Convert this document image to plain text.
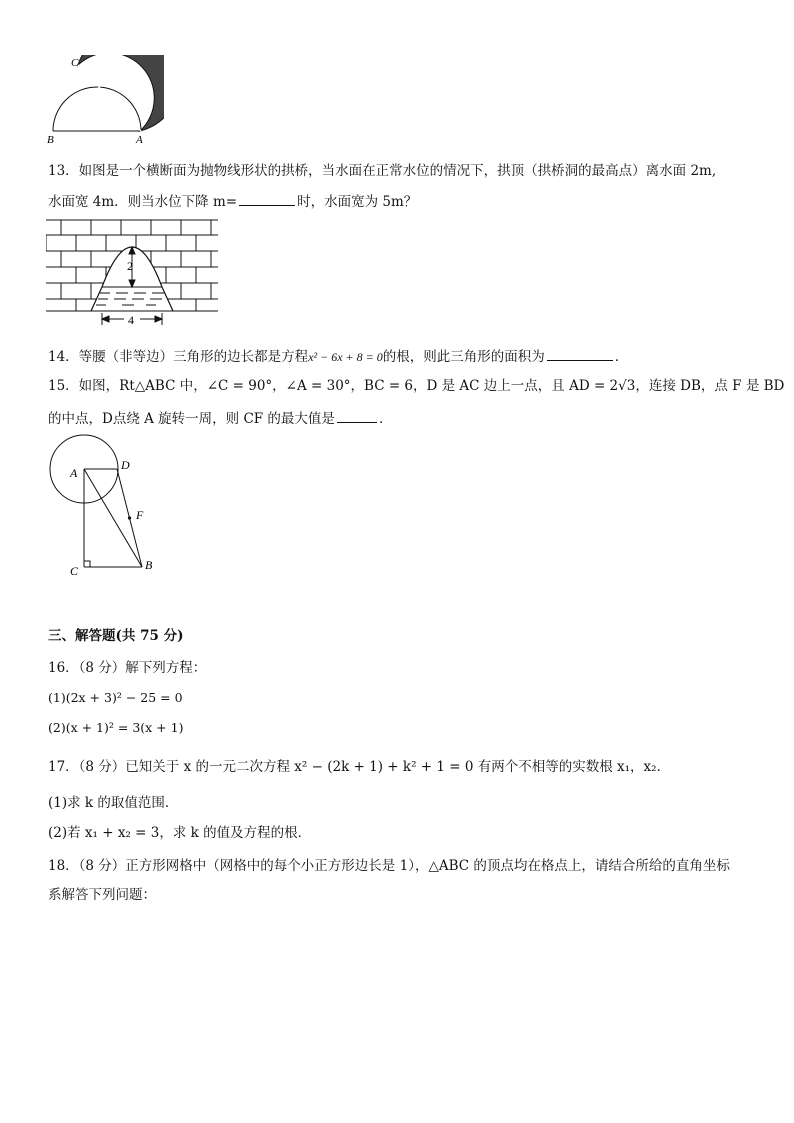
C
B	A
13．如图是一个横断面为抛物线形状的拱桥，当水面在正常水位的情况下，拱顶（拱桥洞的最高点）离水面 2m,
水面宽 4m．则当水位下降 m=	时，水面宽为 5m？
2
4
14．等腰（非等边）三角形的边长都是方程x² − 6x + 8 = 0的根，则此三角形的面积为	．
15．如图，Rt△ABC 中，∠C = 90°，∠A = 30°，BC = 6，D 是 AC 边上一点，且 AD = 2√3，连接 DB，点 F 是 BD
的中点，D点绕 A 旋转一周，则 CF 的最大值是	．
A
D
F
C	B
三、解答题(共 75 分)
16．（8 分）解下列方程：
(1)(2x + 3)² − 25 = 0
(2)(x + 1)² = 3(x + 1)
17．（8 分）已知关于 x 的一元二次方程 x² − (2k + 1) + k² + 1 = 0 有两个不相等的实数根 x₁，x₂．
(1)求 k 的取值范围．
(2)若 x₁ + x₂ = 3，求 k 的值及方程的根．
18．（8 分）正方形网格中（网格中的每个小正方形边长是 1），△ABC 的顶点均在格点上，请结合所给的直角坐标
系解答下列问题：
